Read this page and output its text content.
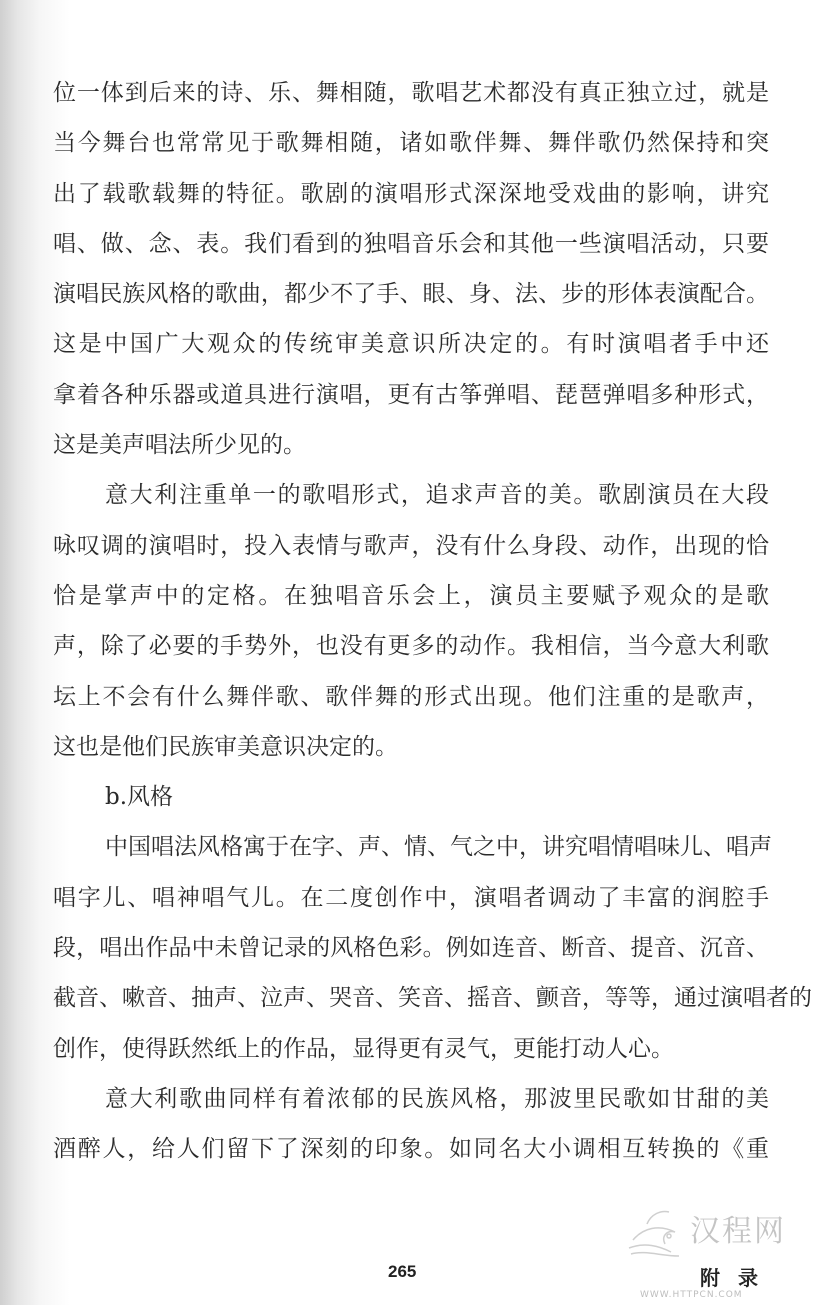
位一体到后来的诗、乐、舞相随，歌唱艺术都没有真正独立过，就是
当今舞台也常常见于歌舞相随，诸如歌伴舞、舞伴歌仍然保持和突
出了载歌载舞的特征。歌剧的演唱形式深深地受戏曲的影响，讲究
唱、做、念、表。我们看到的独唱音乐会和其他一些演唱活动，只要
演唱民族风格的歌曲，都少不了手、眼、身、法、步的形体表演配合。
这是中国广大观众的传统审美意识所决定的。有时演唱者手中还
拿着各种乐器或道具进行演唱，更有古筝弹唱、琵琶弹唱多种形式，
这是美声唱法所少见的。
意大利注重单一的歌唱形式，追求声音的美。歌剧演员在大段
咏叹调的演唱时，投入表情与歌声，没有什么身段、动作，出现的恰
恰是掌声中的定格。在独唱音乐会上，演员主要赋予观众的是歌
声，除了必要的手势外，也没有更多的动作。我相信，当今意大利歌
坛上不会有什么舞伴歌、歌伴舞的形式出现。他们注重的是歌声，
这也是他们民族审美意识决定的。
b.风格
中国唱法风格寓于在字、声、情、气之中，讲究唱情唱味儿、唱声
唱字儿、唱神唱气儿。在二度创作中，演唱者调动了丰富的润腔手
段，唱出作品中未曾记录的风格色彩。例如连音、断音、提音、沉音、
截音、嗽音、抽声、泣声、哭音、笑音、摇音、颤音，等等，通过演唱者的
创作，使得跃然纸上的作品，显得更有灵气，更能打动人心。
意大利歌曲同样有着浓郁的民族风格，那波里民歌如甘甜的美
酒醉人，给人们留下了深刻的印象。如同名大小调相互转换的《重
265	附录
汉程网
WWW.HTTPCN.COM
